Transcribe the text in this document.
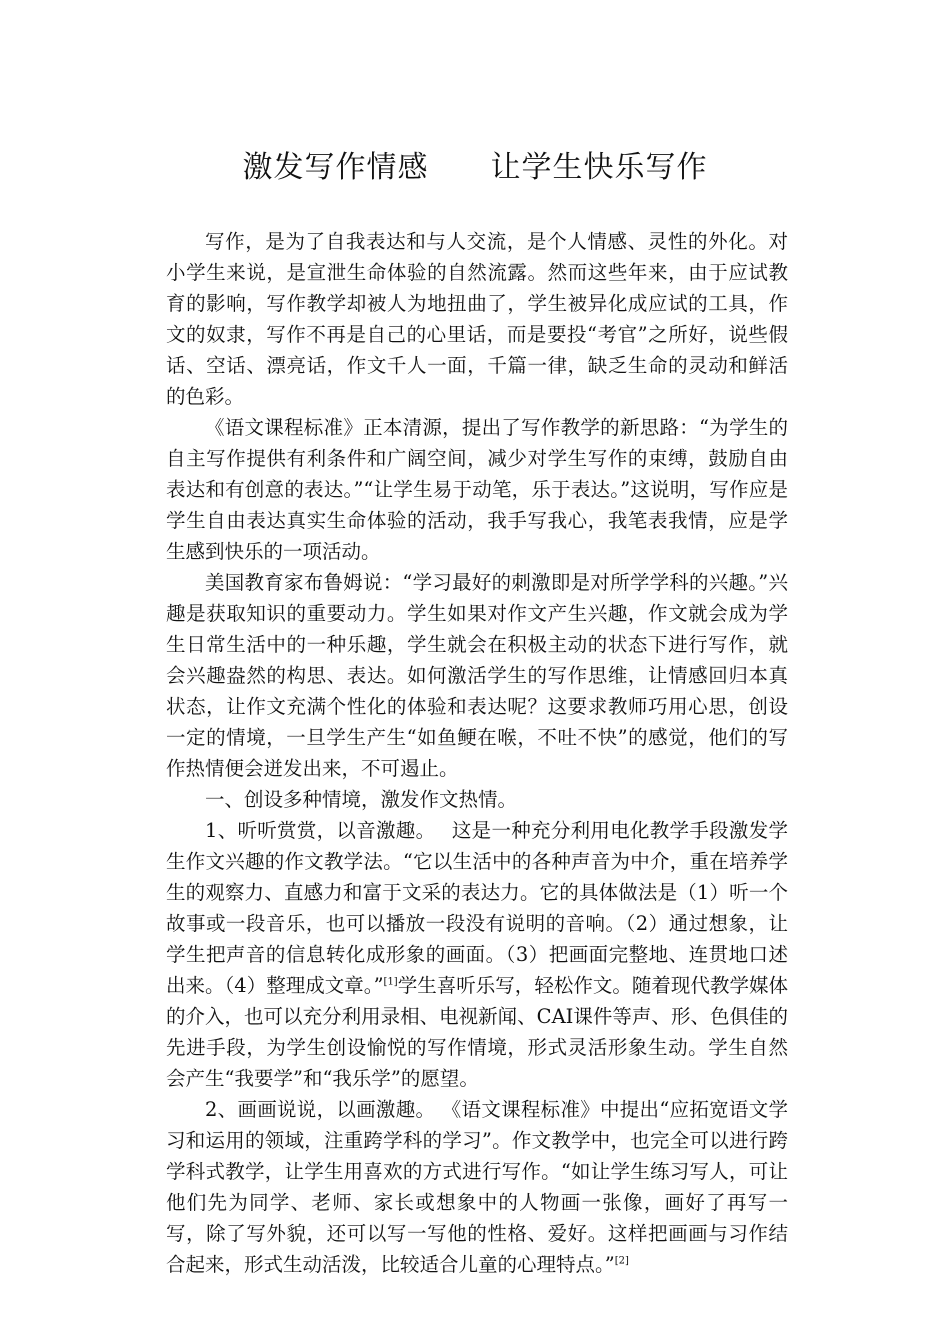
激发写作情感　　让学生快乐写作

写作，是为了自我表达和与人交流，是个人情感、灵性的外化。对小学生来说，是宣泄生命体验的自然流露。然而这些年来，由于应试教育的影响，写作教学却被人为地扭曲了，学生被异化成应试的工具，作文的奴隶，写作不再是自己的心里话，而是要投“考官”之所好，说些假话、空话、漂亮话，作文千人一面，千篇一律，缺乏生命的灵动和鲜活的色彩。

《语文课程标准》正本清源，提出了写作教学的新思路：“为学生的自主写作提供有利条件和广阔空间，减少对学生写作的束缚，鼓励自由表达和有创意的表达。”“让学生易于动笔，乐于表达。”这说明，写作应是学生自由表达真实生命体验的活动，我手写我心，我笔表我情，应是学生感到快乐的一项活动。

美国教育家布鲁姆说：“学习最好的刺激即是对所学学科的兴趣。”兴趣是获取知识的重要动力。学生如果对作文产生兴趣，作文就会成为学生日常生活中的一种乐趣，学生就会在积极主动的状态下进行写作，就会兴趣盎然的构思、表达。如何激活学生的写作思维，让情感回归本真状态，让作文充满个性化的体验和表达呢？这要求教师巧用心思，创设一定的情境，一旦学生产生“如鱼鲠在喉，不吐不快”的感觉，他们的写作热情便会迸发出来，不可遏止。

一、创设多种情境，激发作文热情。

1、听听赏赏，以音激趣。　 这是一种充分利用电化教学手段激发学生作文兴趣的作文教学法。“它以生活中的各种声音为中介，重在培养学生的观察力、直感力和富于文采的表达力。它的具体做法是（1）听一个故事或一段音乐，也可以播放一段没有说明的音响。（2）通过想象，让学生把声音的信息转化成形象的画面。（3）把画面完整地、连贯地口述出来。（4）整理成文章。”[1]学生喜听乐写，轻松作文。随着现代教学媒体的介入，也可以充分利用录相、电视新闻、CAI课件等声、形、色俱佳的先进手段，为学生创设愉悦的写作情境，形式灵活形象生动。学生自然会产生“我要学”和“我乐学”的愿望。

2、画画说说，以画激趣。 《语文课程标准》中提出“应拓宽语文学习和运用的领域，注重跨学科的学习”。作文教学中，也完全可以进行跨学科式教学，让学生用喜欢的方式进行写作。“如让学生练习写人，可让他们先为同学、老师、家长或想象中的人物画一张像，画好了再写一写，除了写外貌，还可以写一写他的性格、爱好。这样把画画与习作结合起来，形式生动活泼，比较适合儿童的心理特点。”[2]
